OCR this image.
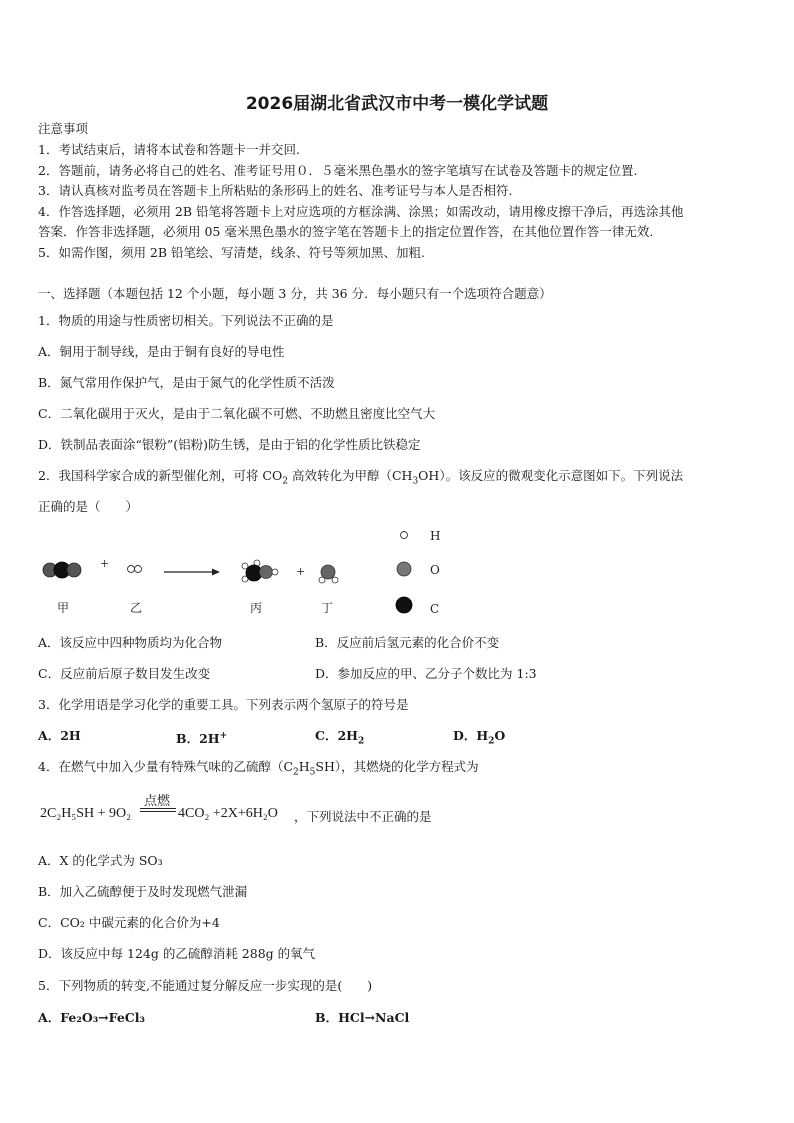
2026届湖北省武汉市中考一模化学试题
注意事项
1．考试结束后，请将本试卷和答题卡一并交回.
2．答题前，请务必将自己的姓名、准考证号用０．５毫米黑色墨水的签字笔填写在试卷及答题卡的规定位置.
3．请认真核对监考员在答题卡上所粘贴的条形码上的姓名、准考证号与本人是否相符.
4．作答选择题，必须用 2B 铅笔将答题卡上对应选项的方框涂满、涂黑；如需改动，请用橡皮擦干净后，再选涂其他
答案．作答非选择题，必须用 05 毫米黑色墨水的签字笔在答题卡上的指定位置作答，在其他位置作答一律无效.
5．如需作图，须用 2B 铅笔绘、写清楚，线条、符号等须加黑、加粗.
一、选择题（本题包括 12 个小题，每小题 3 分，共 36 分．每小题只有一个选项符合题意）
1．物质的用途与性质密切相关。下列说法不正确的是
A．铜用于制导线，是由于铜有良好的导电性
B．氮气常用作保护气，是由于氮气的化学性质不活泼
C．二氧化碳用于灭火，是由于二氧化碳不可燃、不助燃且密度比空气大
D．铁制品表面涂“银粉”(铝粉)防生锈，是由于铝的化学性质比铁稳定
2．我国科学家合成的新型催化剂，可将 $CO_2$ 高效转化为甲醇$(CH_3OH)$。该反应的微观变化示意图如下。下列说法
正确的是（　　）
+
+
甲	乙	丙	丁
H
O
C
A．该反应中四种物质均为化合物	B．反应前后氢元素的化合价不变
C．反应前后原子数目发生改变	D．参加反应的甲、乙分子个数比为 1:3
3．化学用语是学习化学的重要工具。下列表示两个氢原子的符号是
A．2H	B．2H+	C．$2H_2$	D．$H_2O$
4．在燃气中加入少量有特殊气味的乙硫醇$(C_2H_5SH)$，其燃烧的化学方程式为
2C₂H₅SH + 9O₂
点燃
4CO₂ +2X+6H₂O ，下列说法中不正确的是
A．X 的化学式为 SO₃
B．加入乙硫醇便于及时发现燃气泄漏
C．CO₂ 中碳元素的化合价为+4
D．该反应中每 124g 的乙硫醇消耗 288g 的氧气
5．下列物质的转变,不能通过复分解反应一步实现的是(　　)
A．Fe₂O₃→FeCl₃	B．HCl→NaCl
